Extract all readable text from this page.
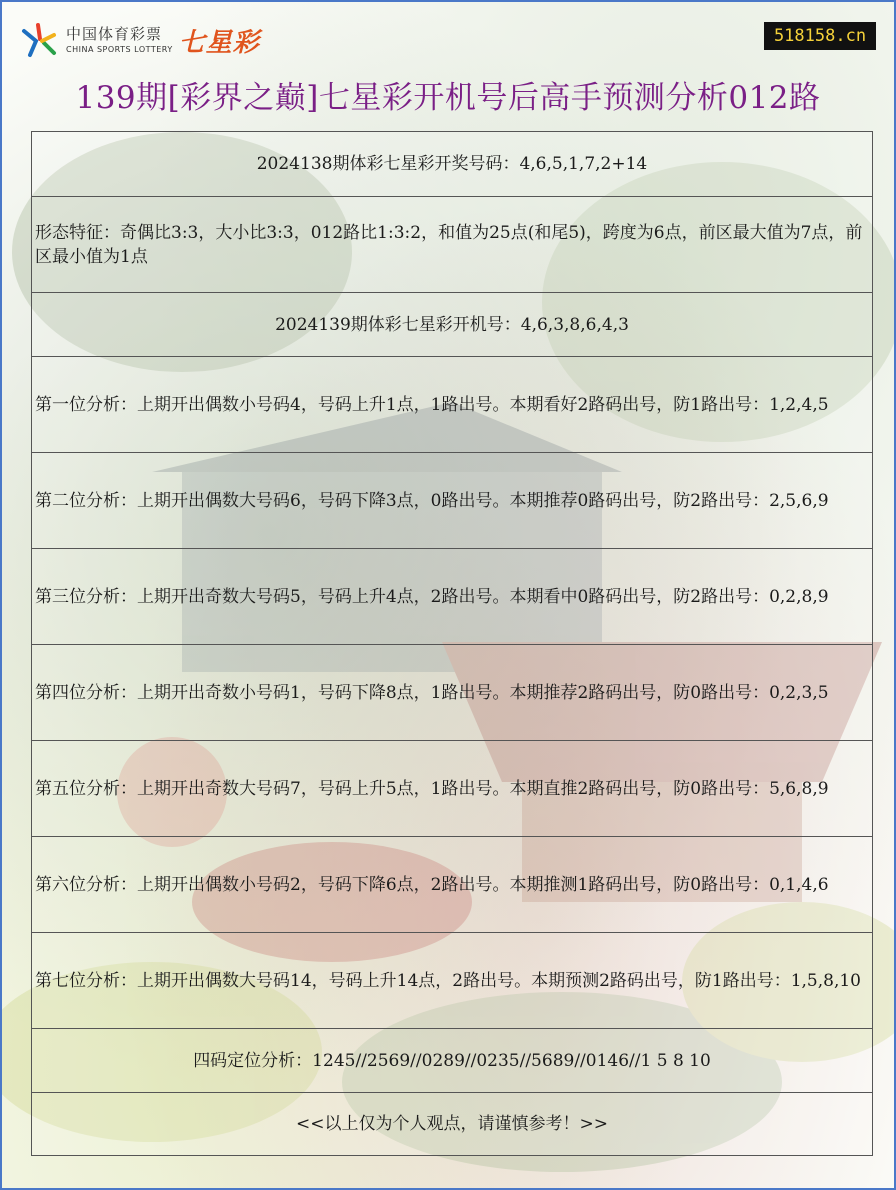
中国体育彩票
CHINA SPORTS LOTTERY 七星彩	518158.cn
139期[彩界之巅]七星彩开机号后高手预测分析012路
2024138期体彩七星彩开奖号码：4,6,5,1,7,2+14
形态特征：奇偶比3:3，大小比3:3，012路比1:3:2，和值为25点(和尾5)，跨度为6点，前区最大值为7点，前区最小值为1点
2024139期体彩七星彩开机号：4,6,3,8,6,4,3
第一位分析：上期开出偶数小号码4，号码上升1点，1路出号。本期看好2路码出号，防1路出号：1,2,4,5
第二位分析：上期开出偶数大号码6，号码下降3点，0路出号。本期推荐0路码出号，防2路出号：2,5,6,9
第三位分析：上期开出奇数大号码5，号码上升4点，2路出号。本期看中0路码出号，防2路出号：0,2,8,9
第四位分析：上期开出奇数小号码1，号码下降8点，1路出号。本期推荐2路码出号，防0路出号：0,2,3,5
第五位分析：上期开出奇数大号码7，号码上升5点，1路出号。本期直推2路码出号，防0路出号：5,6,8,9
第六位分析：上期开出偶数小号码2，号码下降6点，2路出号。本期推测1路码出号，防0路出号：0,1,4,6
第七位分析：上期开出偶数大号码14，号码上升14点，2路出号。本期预测2路码出号，防1路出号：1,5,8,10
四码定位分析：1245//2569//0289//0235//5689//0146//1 5 8 10
<<以上仅为个人观点，请谨慎参考！>>
